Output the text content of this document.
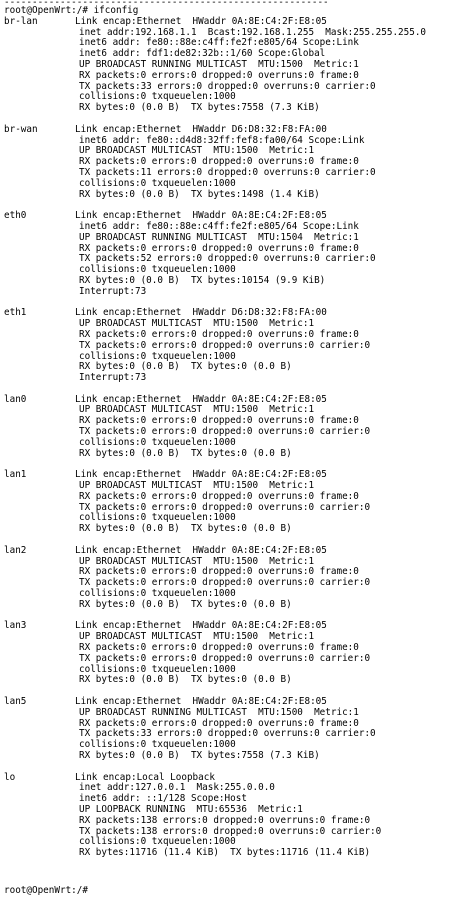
----------------------------------------------------------
root@OpenWrt:/# ifconfig
br-lan	Link encap:Ethernet  HWaddr 0A:8E:C4:2F:E8:05
inet addr:192.168.1.1  Bcast:192.168.1.255  Mask:255.255.255.0
inet6 addr: fe80::88e:c4ff:fe2f:e805/64 Scope:Link
inet6 addr: fdf1:de82:32b::1/60 Scope:Global
UP BROADCAST RUNNING MULTICAST  MTU:1500  Metric:1
RX packets:0 errors:0 dropped:0 overruns:0 frame:0
TX packets:33 errors:0 dropped:0 overruns:0 carrier:0
collisions:0 txqueuelen:1000
RX bytes:0 (0.0 B)  TX bytes:7558 (7.3 KiB)
br-wan	Link encap:Ethernet  HWaddr D6:D8:32:F8:FA:00
inet6 addr: fe80::d4d8:32ff:fef8:fa00/64 Scope:Link
UP BROADCAST MULTICAST  MTU:1500  Metric:1
RX packets:0 errors:0 dropped:0 overruns:0 frame:0
TX packets:11 errors:0 dropped:0 overruns:0 carrier:0
collisions:0 txqueuelen:1000
RX bytes:0 (0.0 B)  TX bytes:1498 (1.4 KiB)
eth0	Link encap:Ethernet  HWaddr 0A:8E:C4:2F:E8:05
inet6 addr: fe80::88e:c4ff:fe2f:e805/64 Scope:Link
UP BROADCAST RUNNING MULTICAST  MTU:1504  Metric:1
RX packets:0 errors:0 dropped:0 overruns:0 frame:0
TX packets:52 errors:0 dropped:0 overruns:0 carrier:0
collisions:0 txqueuelen:1000
RX bytes:0 (0.0 B)  TX bytes:10154 (9.9 KiB)
Interrupt:73
eth1	Link encap:Ethernet  HWaddr D6:D8:32:F8:FA:00
UP BROADCAST MULTICAST  MTU:1500  Metric:1
RX packets:0 errors:0 dropped:0 overruns:0 frame:0
TX packets:0 errors:0 dropped:0 overruns:0 carrier:0
collisions:0 txqueuelen:1000
RX bytes:0 (0.0 B)  TX bytes:0 (0.0 B)
Interrupt:73
lan0	Link encap:Ethernet  HWaddr 0A:8E:C4:2F:E8:05
UP BROADCAST MULTICAST  MTU:1500  Metric:1
RX packets:0 errors:0 dropped:0 overruns:0 frame:0
TX packets:0 errors:0 dropped:0 overruns:0 carrier:0
collisions:0 txqueuelen:1000
RX bytes:0 (0.0 B)  TX bytes:0 (0.0 B)
lan1	Link encap:Ethernet  HWaddr 0A:8E:C4:2F:E8:05
UP BROADCAST MULTICAST  MTU:1500  Metric:1
RX packets:0 errors:0 dropped:0 overruns:0 frame:0
TX packets:0 errors:0 dropped:0 overruns:0 carrier:0
collisions:0 txqueuelen:1000
RX bytes:0 (0.0 B)  TX bytes:0 (0.0 B)
lan2	Link encap:Ethernet  HWaddr 0A:8E:C4:2F:E8:05
UP BROADCAST MULTICAST  MTU:1500  Metric:1
RX packets:0 errors:0 dropped:0 overruns:0 frame:0
TX packets:0 errors:0 dropped:0 overruns:0 carrier:0
collisions:0 txqueuelen:1000
RX bytes:0 (0.0 B)  TX bytes:0 (0.0 B)
lan3	Link encap:Ethernet  HWaddr 0A:8E:C4:2F:E8:05
UP BROADCAST MULTICAST  MTU:1500  Metric:1
RX packets:0 errors:0 dropped:0 overruns:0 frame:0
TX packets:0 errors:0 dropped:0 overruns:0 carrier:0
collisions:0 txqueuelen:1000
RX bytes:0 (0.0 B)  TX bytes:0 (0.0 B)
lan5	Link encap:Ethernet  HWaddr 0A:8E:C4:2F:E8:05
UP BROADCAST RUNNING MULTICAST  MTU:1500  Metric:1
RX packets:0 errors:0 dropped:0 overruns:0 frame:0
TX packets:33 errors:0 dropped:0 overruns:0 carrier:0
collisions:0 txqueuelen:1000
RX bytes:0 (0.0 B)  TX bytes:7558 (7.3 KiB)
lo	Link encap:Local Loopback
inet addr:127.0.0.1  Mask:255.0.0.0
inet6 addr: ::1/128 Scope:Host
UP LOOPBACK RUNNING  MTU:65536  Metric:1
RX packets:138 errors:0 dropped:0 overruns:0 frame:0
TX packets:138 errors:0 dropped:0 overruns:0 carrier:0
collisions:0 txqueuelen:1000
RX bytes:11716 (11.4 KiB)  TX bytes:11716 (11.4 KiB)
root@OpenWrt:/#
